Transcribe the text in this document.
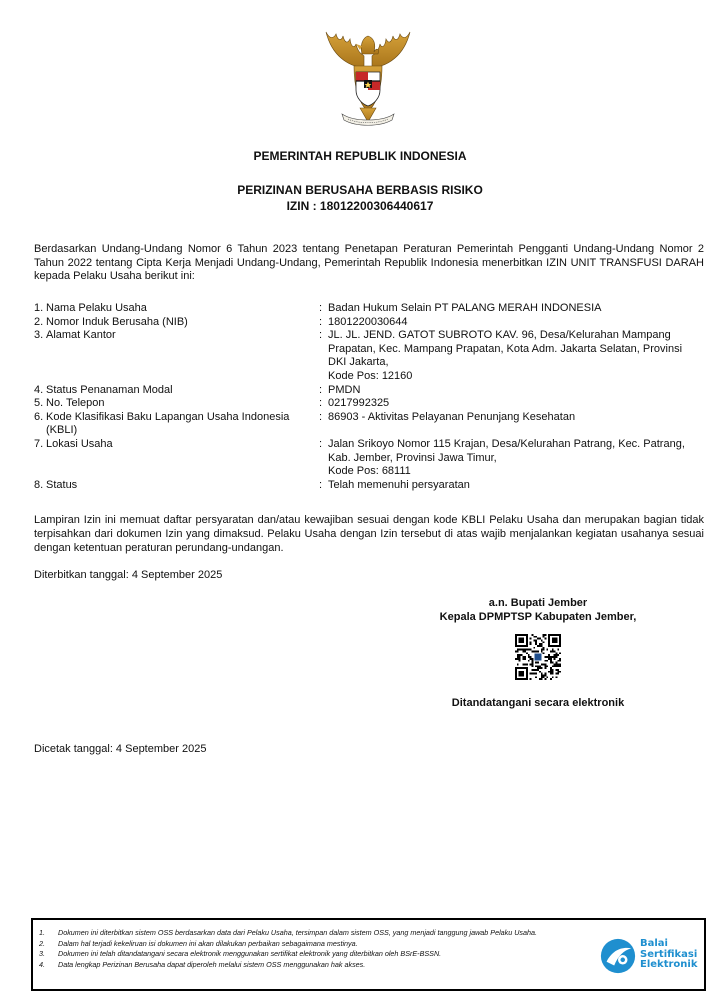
PEMERINTAH REPUBLIK INDONESIA
PERIZINAN BERUSAHA BERBASIS RISIKO
IZIN : 18012200306440617
Berdasarkan Undang-Undang Nomor 6 Tahun 2023 tentang Penetapan Peraturan Pemerintah Pengganti Undang-Undang Nomor 2 Tahun 2022 tentang Cipta Kerja Menjadi Undang-Undang, Pemerintah Republik Indonesia menerbitkan IZIN UNIT TRANSFUSI DARAH kepada Pelaku Usaha berikut ini:
1. Nama Pelaku Usaha	: Badan Hukum Selain PT PALANG MERAH INDONESIA
2. Nomor Induk Berusaha (NIB)	: 1801220030644
3. Alamat Kantor	: JL. JL. JEND. GATOT SUBROTO KAV. 96, Desa/Kelurahan Mampang
Prapatan, Kec. Mampang Prapatan, Kota Adm. Jakarta Selatan, Provinsi
DKI Jakarta,
Kode Pos: 12160
4. Status Penanaman Modal	: PMDN
5. No. Telepon	: 0217992325
6. Kode Klasifikasi Baku Lapangan Usaha Indonesia (KBLI)
: 86903 - Aktivitas Pelayanan Penunjang Kesehatan
7. Lokasi Usaha	: Jalan Srikoyo Nomor 115 Krajan, Desa/Kelurahan Patrang, Kec. Patrang,
Kab. Jember, Provinsi Jawa Timur,
Kode Pos: 68111
8. Status	: Telah memenuhi persyaratan
Lampiran Izin ini memuat daftar persyaratan dan/atau kewajiban sesuai dengan kode KBLI Pelaku Usaha dan merupakan bagian tidak terpisahkan dari dokumen Izin yang dimaksud. Pelaku Usaha dengan Izin tersebut di atas wajib menjalankan kegiatan usahanya sesuai dengan ketentuan peraturan perundang-undangan.
Diterbitkan tanggal: 4 September 2025
a.n. Bupati Jember
Kepala DPMPTSP Kabupaten Jember,
Ditandatangani secara elektronik
Dicetak tanggal: 4 September 2025
1.	Dokumen ini diterbitkan sistem OSS berdasarkan data dari Pelaku Usaha, tersimpan dalam sistem OSS, yang menjadi tanggung jawab Pelaku Usaha.
2.	Dalam hal terjadi kekeliruan isi dokumen ini akan dilakukan perbaikan sebagaimana mestinya.
3.	Dokumen ini telah ditandatangani secara elektronik menggunakan sertifikat elektronik yang diterbitkan oleh BSrE-BSSN.
4.	Data lengkap Perizinan Berusaha dapat diperoleh melalui sistem OSS menggunakan hak akses.
Balai
Sertifikasi
Elektronik
